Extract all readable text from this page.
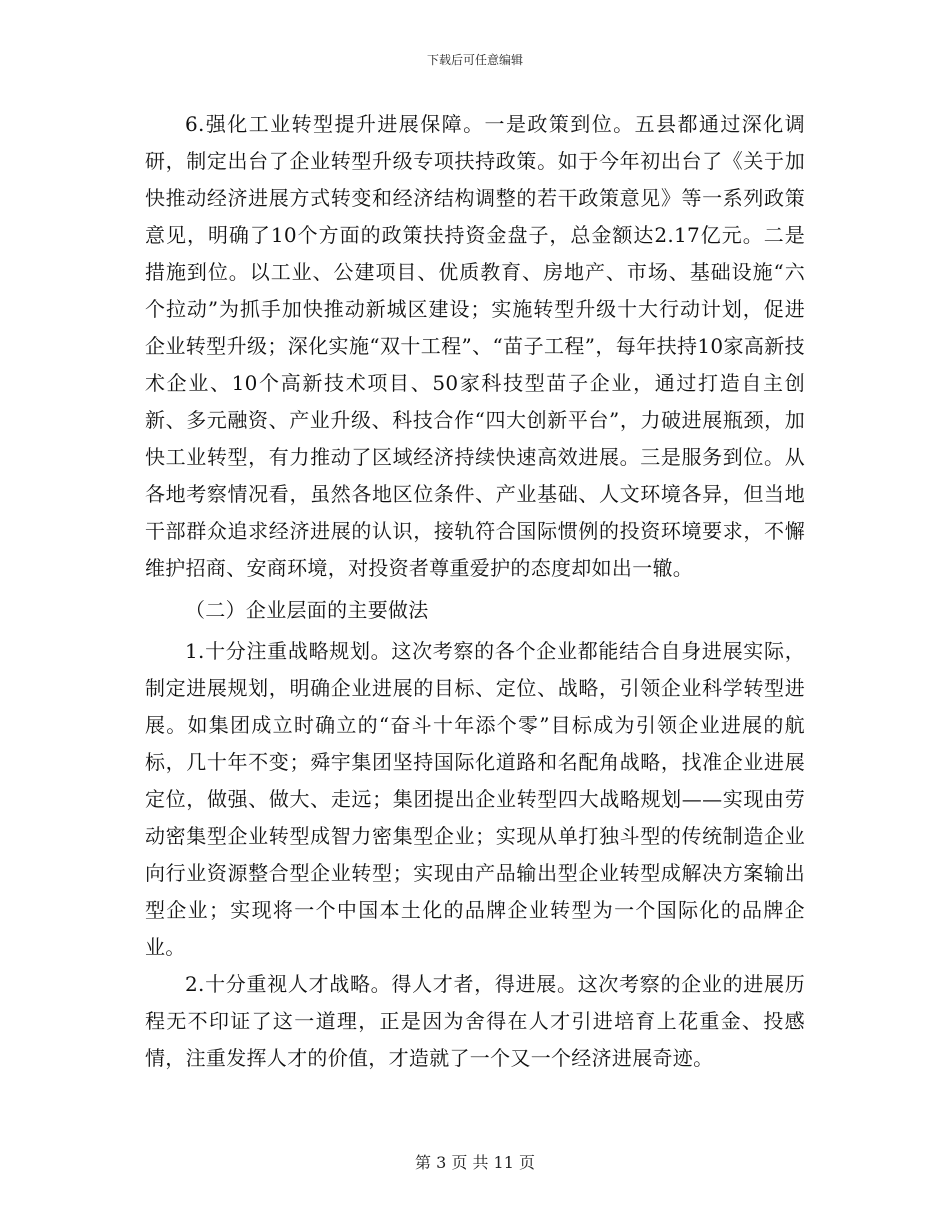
下载后可任意编辑

6.强化工业转型提升进展保障。一是政策到位。五县都通过深化调研，制定出台了企业转型升级专项扶持政策。如于今年初出台了《关于加快推动经济进展方式转变和经济结构调整的若干政策意见》等一系列政策意见，明确了10个方面的政策扶持资金盘子，总金额达2.17亿元。二是措施到位。以工业、公建项目、优质教育、房地产、市场、基础设施“六个拉动”为抓手加快推动新城区建设；实施转型升级十大行动计划，促进企业转型升级；深化实施“双十工程”、“苗子工程”，每年扶持10家高新技术企业、10个高新技术项目、50家科技型苗子企业，通过打造自主创新、多元融资、产业升级、科技合作“四大创新平台”，力破进展瓶颈，加快工业转型，有力推动了区域经济持续快速高效进展。三是服务到位。从各地考察情况看，虽然各地区位条件、产业基础、人文环境各异，但当地干部群众追求经济进展的认识，接轨符合国际惯例的投资环境要求，不懈维护招商、安商环境，对投资者尊重爱护的态度却如出一辙。

（二）企业层面的主要做法

1.十分注重战略规划。这次考察的各个企业都能结合自身进展实际，制定进展规划，明确企业进展的目标、定位、战略，引领企业科学转型进展。如集团成立时确立的“奋斗十年添个零”目标成为引领企业进展的航标，几十年不变；舜宇集团坚持国际化道路和名配角战略，找准企业进展定位，做强、做大、走远；集团提出企业转型四大战略规划——实现由劳动密集型企业转型成智力密集型企业；实现从单打独斗型的传统制造企业向行业资源整合型企业转型；实现由产品输出型企业转型成解决方案输出型企业；实现将一个中国本土化的品牌企业转型为一个国际化的品牌企业。

2.十分重视人才战略。得人才者，得进展。这次考察的企业的进展历程无不印证了这一道理，正是因为舍得在人才引进培育上花重金、投感情，注重发挥人才的价值，才造就了一个又一个经济进展奇迹。

第 3 页 共 11 页
